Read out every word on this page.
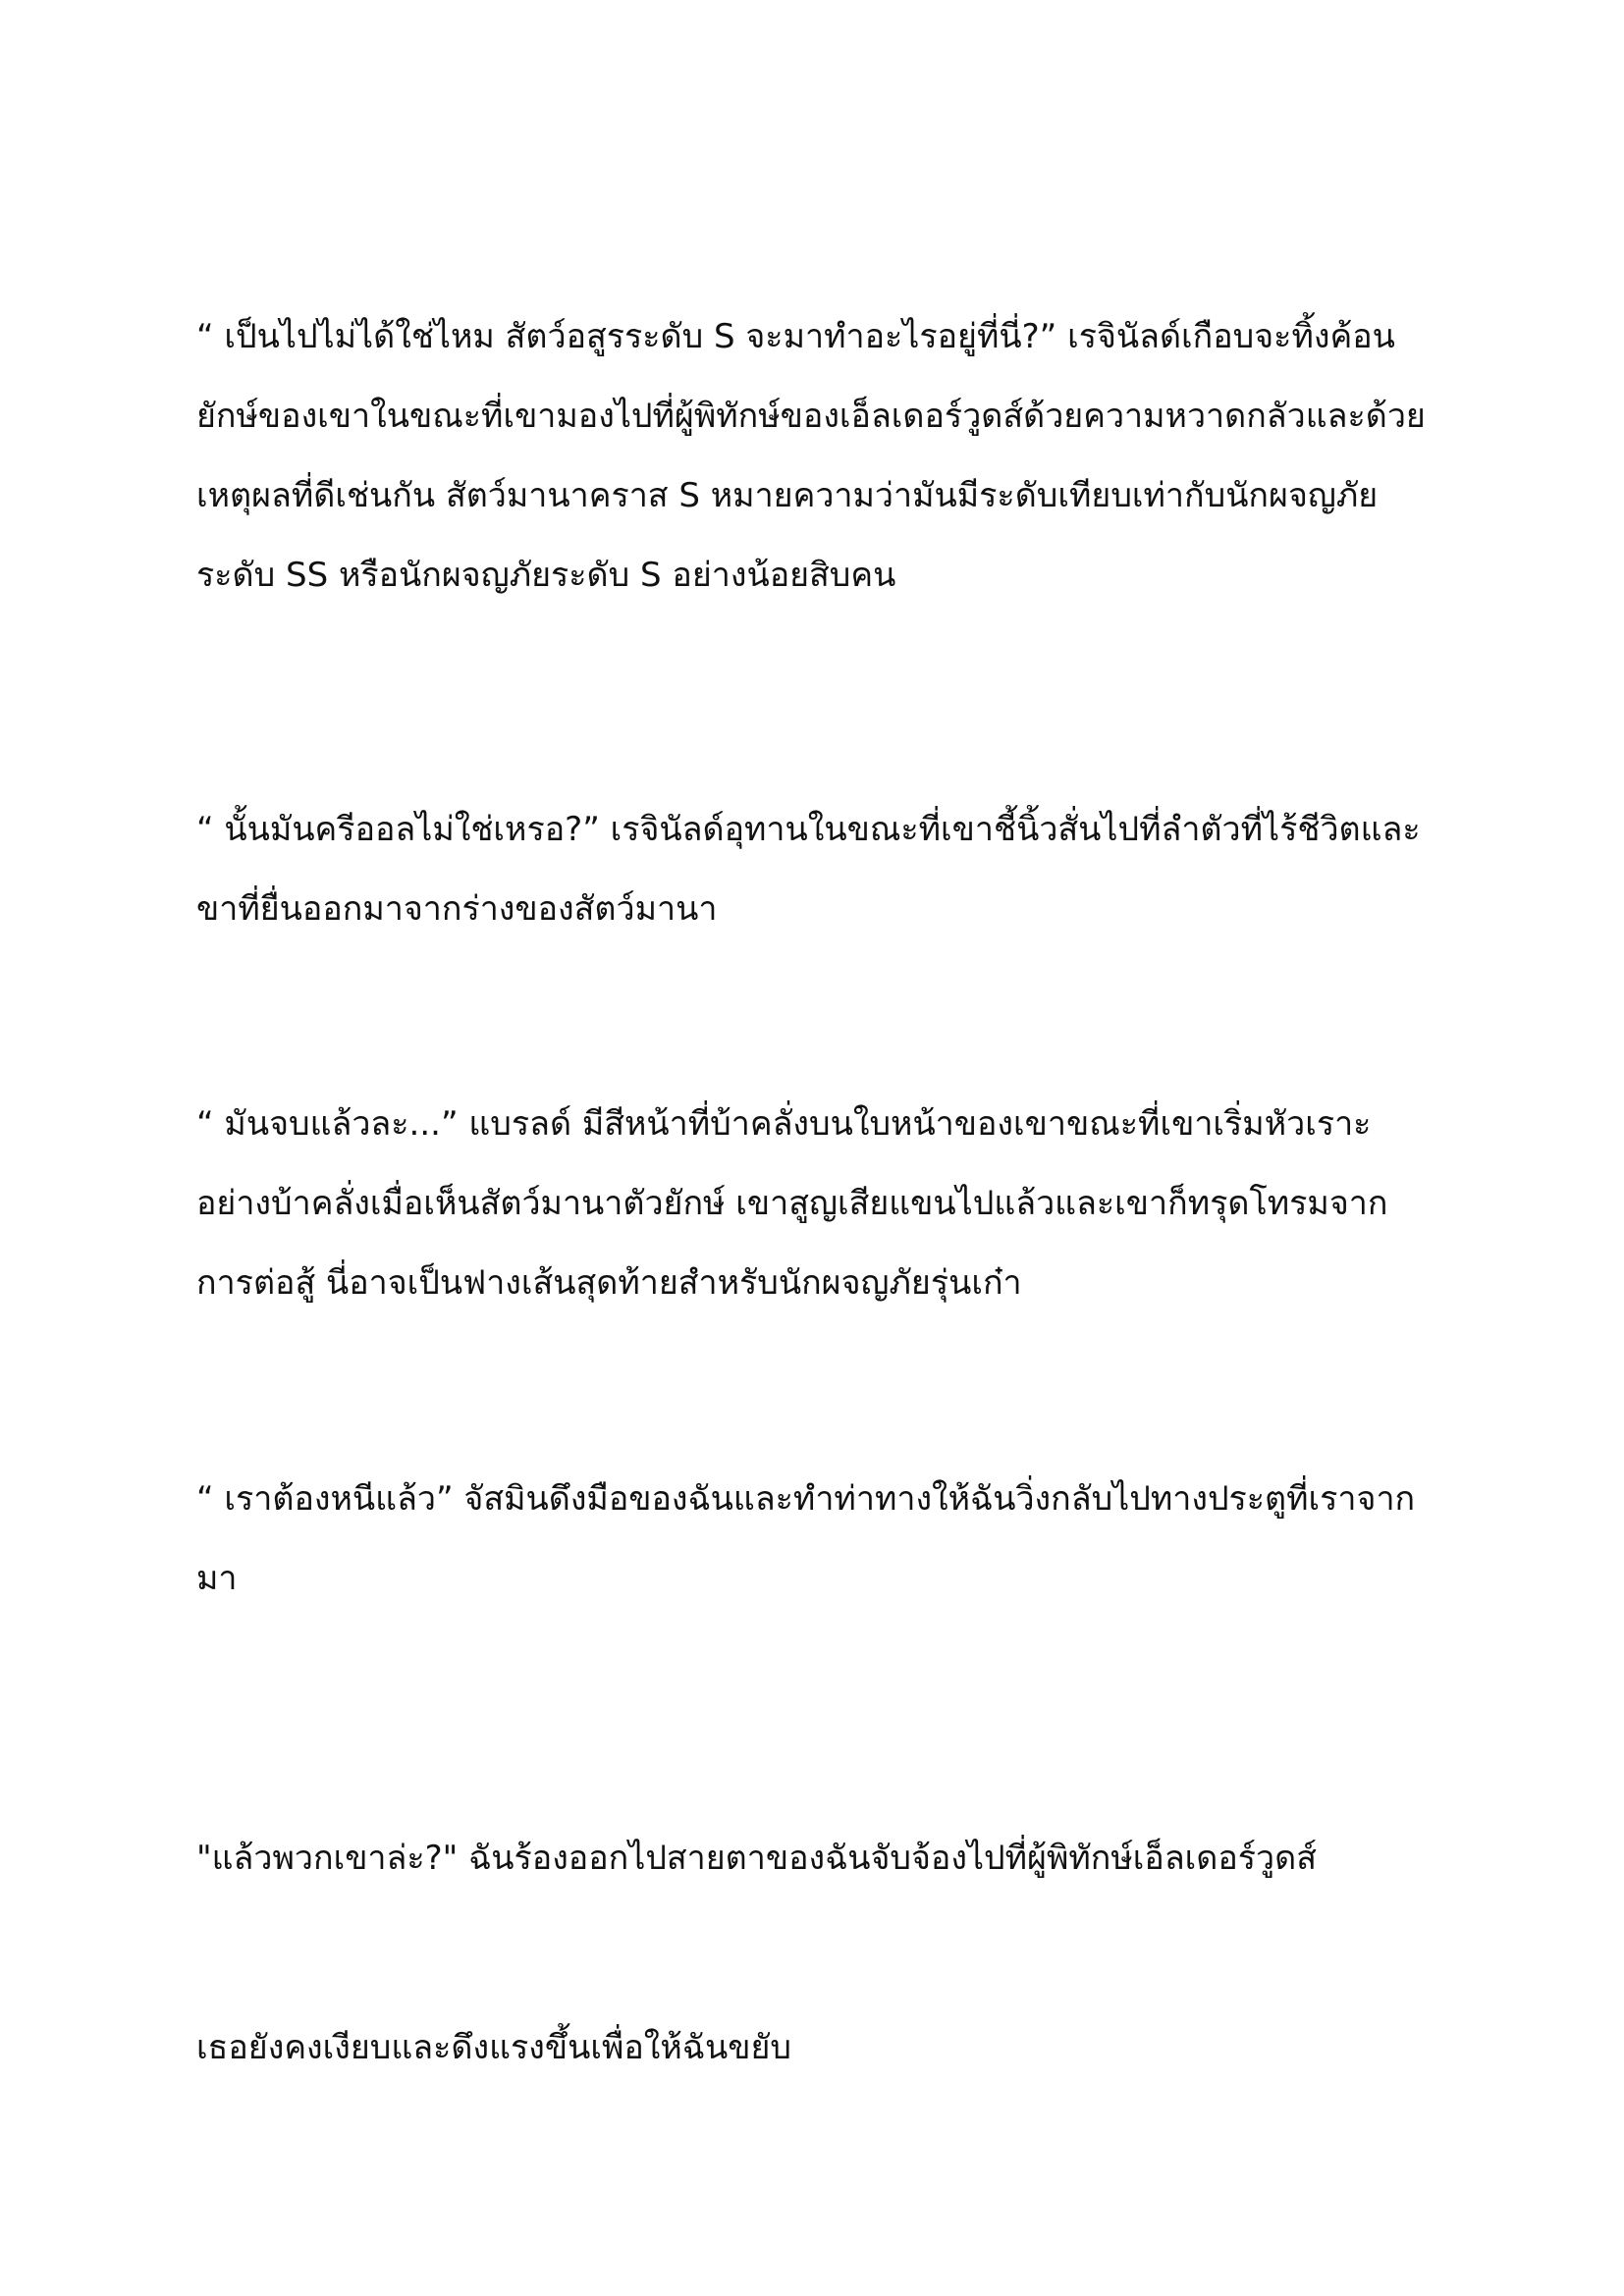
“ เป็นไปไม่ได้ใช่ไหม สัตว์อสูรระดับ S จะมาทำอะไรอยู่ที่นี่?” เรจินัลด์เกือบจะทิ้งค้อนยักษ์ของเขาในขณะที่เขามองไปที่ผู้พิทักษ์ของเอ็ลเดอร์วูดส์ด้วยความหวาดกลัวและด้วยเหตุผลที่ดีเช่นกัน สัตว์มานาคราส S หมายความว่ามันมีระดับเทียบเท่ากับนักผจญภัยระดับ SS หรือนักผจญภัยระดับ S อย่างน้อยสิบคน

“ นั้นมันครีออลไม่ใช่เหรอ?” เรจินัลด์อุทานในขณะที่เขาชี้นิ้วสั่นไปที่ลำตัวที่ไร้ชีวิตและขาที่ยื่นออกมาจากร่างของสัตว์มานา

“ มันจบแล้วละ...” แบรลด์ มีสีหน้าที่บ้าคลั่งบนใบหน้าของเขาขณะที่เขาเริ่มหัวเราะอย่างบ้าคลั่งเมื่อเห็นสัตว์มานาตัวยักษ์ เขาสูญเสียแขนไปแล้วและเขาก็ทรุดโทรมจากการต่อสู้ นี่อาจเป็นฟางเส้นสุดท้ายสำหรับนักผจญภัยรุ่นเก๋า

“ เราต้องหนีแล้ว” จัสมินดึงมือของฉันและทำท่าทางให้ฉันวิ่งกลับไปทางประตูที่เราจากมา

"แล้วพวกเขาล่ะ?" ฉันร้องออกไปสายตาของฉันจับจ้องไปที่ผู้พิทักษ์เอ็ลเดอร์วูดส์

เธอยังคงเงียบและดึงแรงขึ้นเพื่อให้ฉันขยับ
